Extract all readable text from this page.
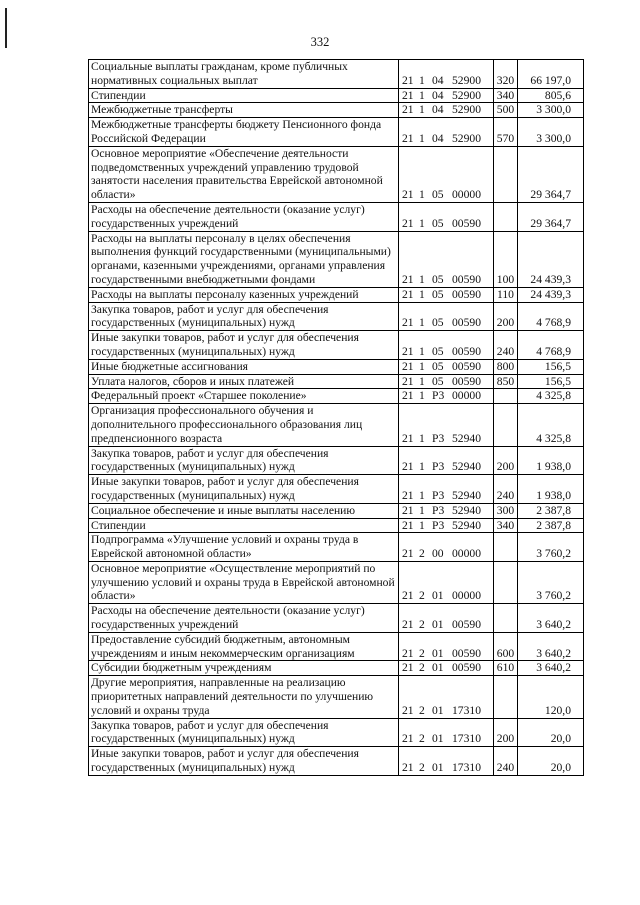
332
Социальные выплаты гражданам, кроме публичных нормативных социальных выплат	21 1 04 52900	320	66 197,0
Стипендии	21 1 04 52900	340	805,6
Межбюджетные трансферты	21 1 04 52900	500	3 300,0
Межбюджетные трансферты бюджету Пенсионного фонда Российской Федерации	21 1 04 52900	570	3 300,0
Основное мероприятие «Обеспечение деятельности подведомственных учреждений управлению трудовой занятости населения правительства Еврейской автономной области»	21 1 05 00000		29 364,7
Расходы на обеспечение деятельности (оказание услуг) государственных учреждений	21 1 05 00590		29 364,7
Расходы на выплаты персоналу в целях обеспечения выполнения функций государственными (муниципальными) органами, казенными учреждениями, органами управления государственными внебюджетными фондами	21 1 05 00590	100	24 439,3
Расходы на выплаты персоналу казенных учреждений	21 1 05 00590	110	24 439,3
Закупка товаров, работ и услуг для обеспечения государственных (муниципальных) нужд	21 1 05 00590	200	4 768,9
Иные закупки товаров, работ и услуг для обеспечения государственных (муниципальных) нужд	21 1 05 00590	240	4 768,9
Иные бюджетные ассигнования	21 1 05 00590	800	156,5
Уплата налогов, сборов и иных платежей	21 1 05 00590	850	156,5
Федеральный проект «Старшее поколение»	21 1 P3 00000		4 325,8
Организация профессионального обучения и дополнительного профессионального образования лиц предпенсионного возраста	21 1 P3 52940		4 325,8
Закупка товаров, работ и услуг для обеспечения государственных (муниципальных) нужд	21 1 P3 52940	200	1 938,0
Иные закупки товаров, работ и услуг для обеспечения государственных (муниципальных) нужд	21 1 P3 52940	240	1 938,0
Социальное обеспечение и иные выплаты населению	21 1 P3 52940	300	2 387,8
Стипендии	21 1 P3 52940	340	2 387,8
Подпрограмма «Улучшение условий и охраны труда в Еврейской автономной области»	21 2 00 00000		3 760,2
Основное мероприятие «Осуществление мероприятий по улучшению условий и охраны труда в Еврейской автономной области»	21 2 01 00000		3 760,2
Расходы на обеспечение деятельности (оказание услуг) государственных учреждений	21 2 01 00590		3 640,2
Предоставление субсидий бюджетным, автономным учреждениям и иным некоммерческим организациям	21 2 01 00590	600	3 640,2
Субсидии бюджетным учреждениям	21 2 01 00590	610	3 640,2
Другие мероприятия, направленные на реализацию приоритетных направлений деятельности по улучшению условий и охраны труда	21 2 01 17310		120,0
Закупка товаров, работ и услуг для обеспечения государственных (муниципальных) нужд	21 2 01 17310	200	20,0
Иные закупки товаров, работ и услуг для обеспечения государственных (муниципальных) нужд	21 2 01 17310	240	20,0
